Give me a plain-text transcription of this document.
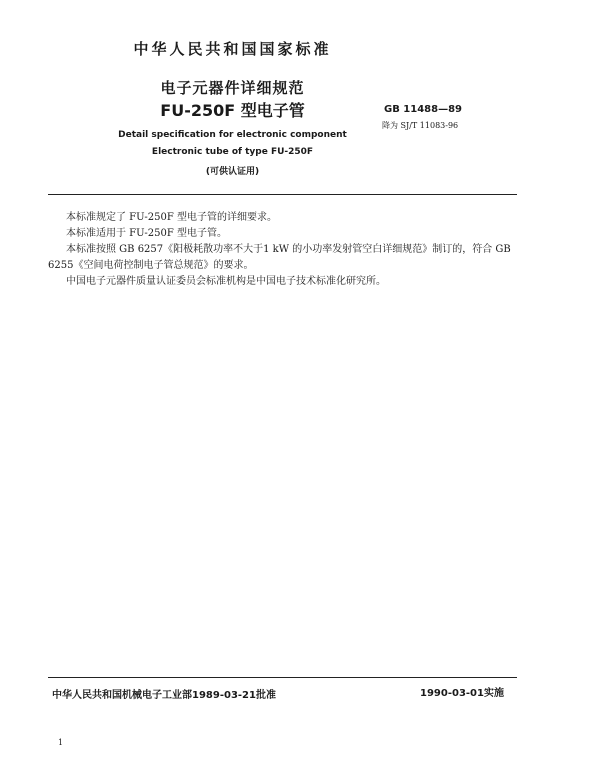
中华人民共和国国家标准
电子元器件详细规范
FU-250F 型电子管	GB 11488—89
降为 SJ/T 11083-96
Detail specification for electronic component
Electronic tube of type FU-250F
(可供认证用)

本标准规定了 FU-250F 型电子管的详细要求。

本标准适用于 FU-250F 型电子管。

本标准按照 GB 6257《阳极耗散功率不大于1 kW 的小功率发射管空白详细规范》制订的，符合 GB 6255《空间电荷控制电子管总规范》的要求。

中国电子元器件质量认证委员会标准机构是中国电子技术标准化研究所。

中华人民共和国机械电子工业部1989-03-21批准	1990-03-01实施
1
